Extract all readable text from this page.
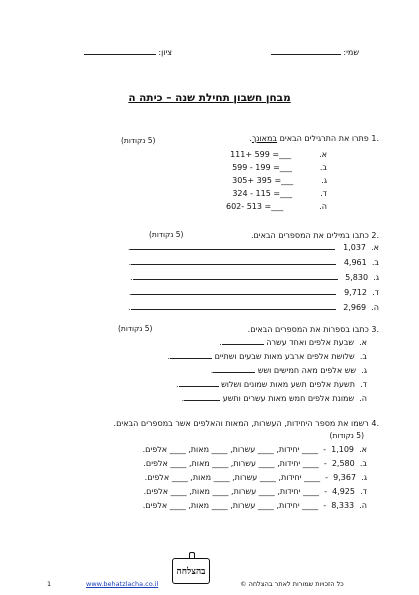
שמי:
ציון:
מבחן חשבון תחילת שנה – כיתה ה
.1 פתרו את התרגילים הבאים במאונך.
(5 נקודות)
א.111+ 599 =___
ב.599 - 199 =___
ג.305+ 395 =___
ד.324 - 115 =___
ה.602- 513 =___
.2 כתבו במילים את המספרים הבאים.
(5 נקודות)
א.  1,037 .
ב.  4,961 .
ג.  5,830 .
ד.  9,712 .
ה.  2,969 .
.3 כתבו בספרות את המספרים הבאים.
(5 נקודות)
א.  שבעת אלפים ואחד עשרה .
ב.  שלושת אלפים ארבע מאות שבעים ושתיים .
ג.  שש אלפים מאה חמישים ושש .
ד.  תשעת אלפים תשע מאות שמונים ושלוש .
ה.  שמונת אלפים חמש מאות עשרים ותשע .
.4 רשמו את מספר היחידות, העשרות, המאות והאלפים אשר במספרים הבאים.
(5 נקודות)
א.  1,109  -  ____ יחידות, ____ עשרות, ____ מאות, ____ אלפים.
ב.  2,580  -  ____ יחידות, ____ עשרות, ____ מאות, ____ אלפים.
ג.  9,367  -  ____ יחידות, ____ עשרות, ____ מאות, ____ אלפים.
ד.  4,925  -  ____ יחידות, ____ עשרות, ____ מאות, ____ אלפים.
ה.  8,333  -  ____ יחידות, ____ עשרות, ____ מאות, ____ אלפים.
בהצלחה
1	www.behatzlacha.co.il	כל הזכויות שמורות לאתר בהצלחה ©
